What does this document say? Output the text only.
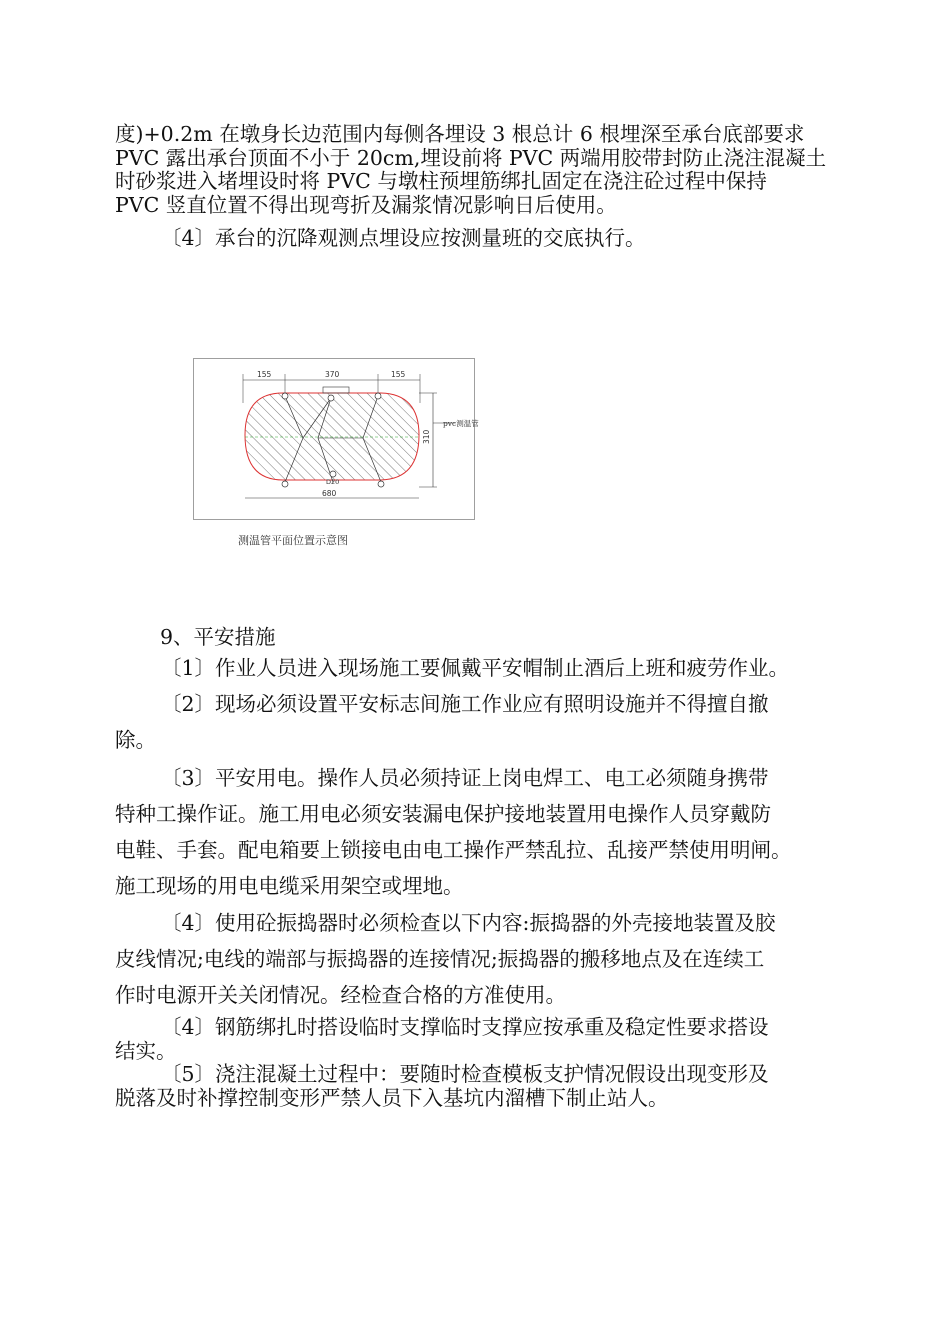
度)+0.2m 在墩身长边范围内每侧各埋设 3 根总计 6 根埋深至承台底部要求
PVC 露出承台顶面不小于 20cm,埋设前将 PVC 两端用胶带封防止浇注混凝土
时砂浆进入堵埋设时将 PVC 与墩柱预埋筋绑扎固定在浇注砼过程中保持
PVC 竖直位置不得出现弯折及漏浆情况影响日后使用。
〔4〕承台的沉降观测点埋设应按测量班的交底执行。
155	370	155
310
pvc测温管
680
D20
测温管平面位置示意图
9、平安措施
〔1〕作业人员进入现场施工要佩戴平安帽制止酒后上班和疲劳作业。
〔2〕现场必须设置平安标志间施工作业应有照明设施并不得擅自撤
除。
〔3〕平安用电。操作人员必须持证上岗电焊工、电工必须随身携带
特种工操作证。施工用电必须安装漏电保护接地装置用电操作人员穿戴防
电鞋、手套。配电箱要上锁接电由电工操作严禁乱拉、乱接严禁使用明闸。
施工现场的用电电缆采用架空或埋地。
〔4〕使用砼振捣器时必须检查以下内容:振捣器的外壳接地装置及胶
皮线情况;电线的端部与振捣器的连接情况;振捣器的搬移地点及在连续工
作时电源开关关闭情况。经检查合格的方准使用。
〔4〕钢筋绑扎时搭设临时支撑临时支撑应按承重及稳定性要求搭设
结实。
〔5〕浇注混凝土过程中：要随时检查模板支护情况假设出现变形及
脱落及时补撑控制变形严禁人员下入基坑内溜槽下制止站人。
